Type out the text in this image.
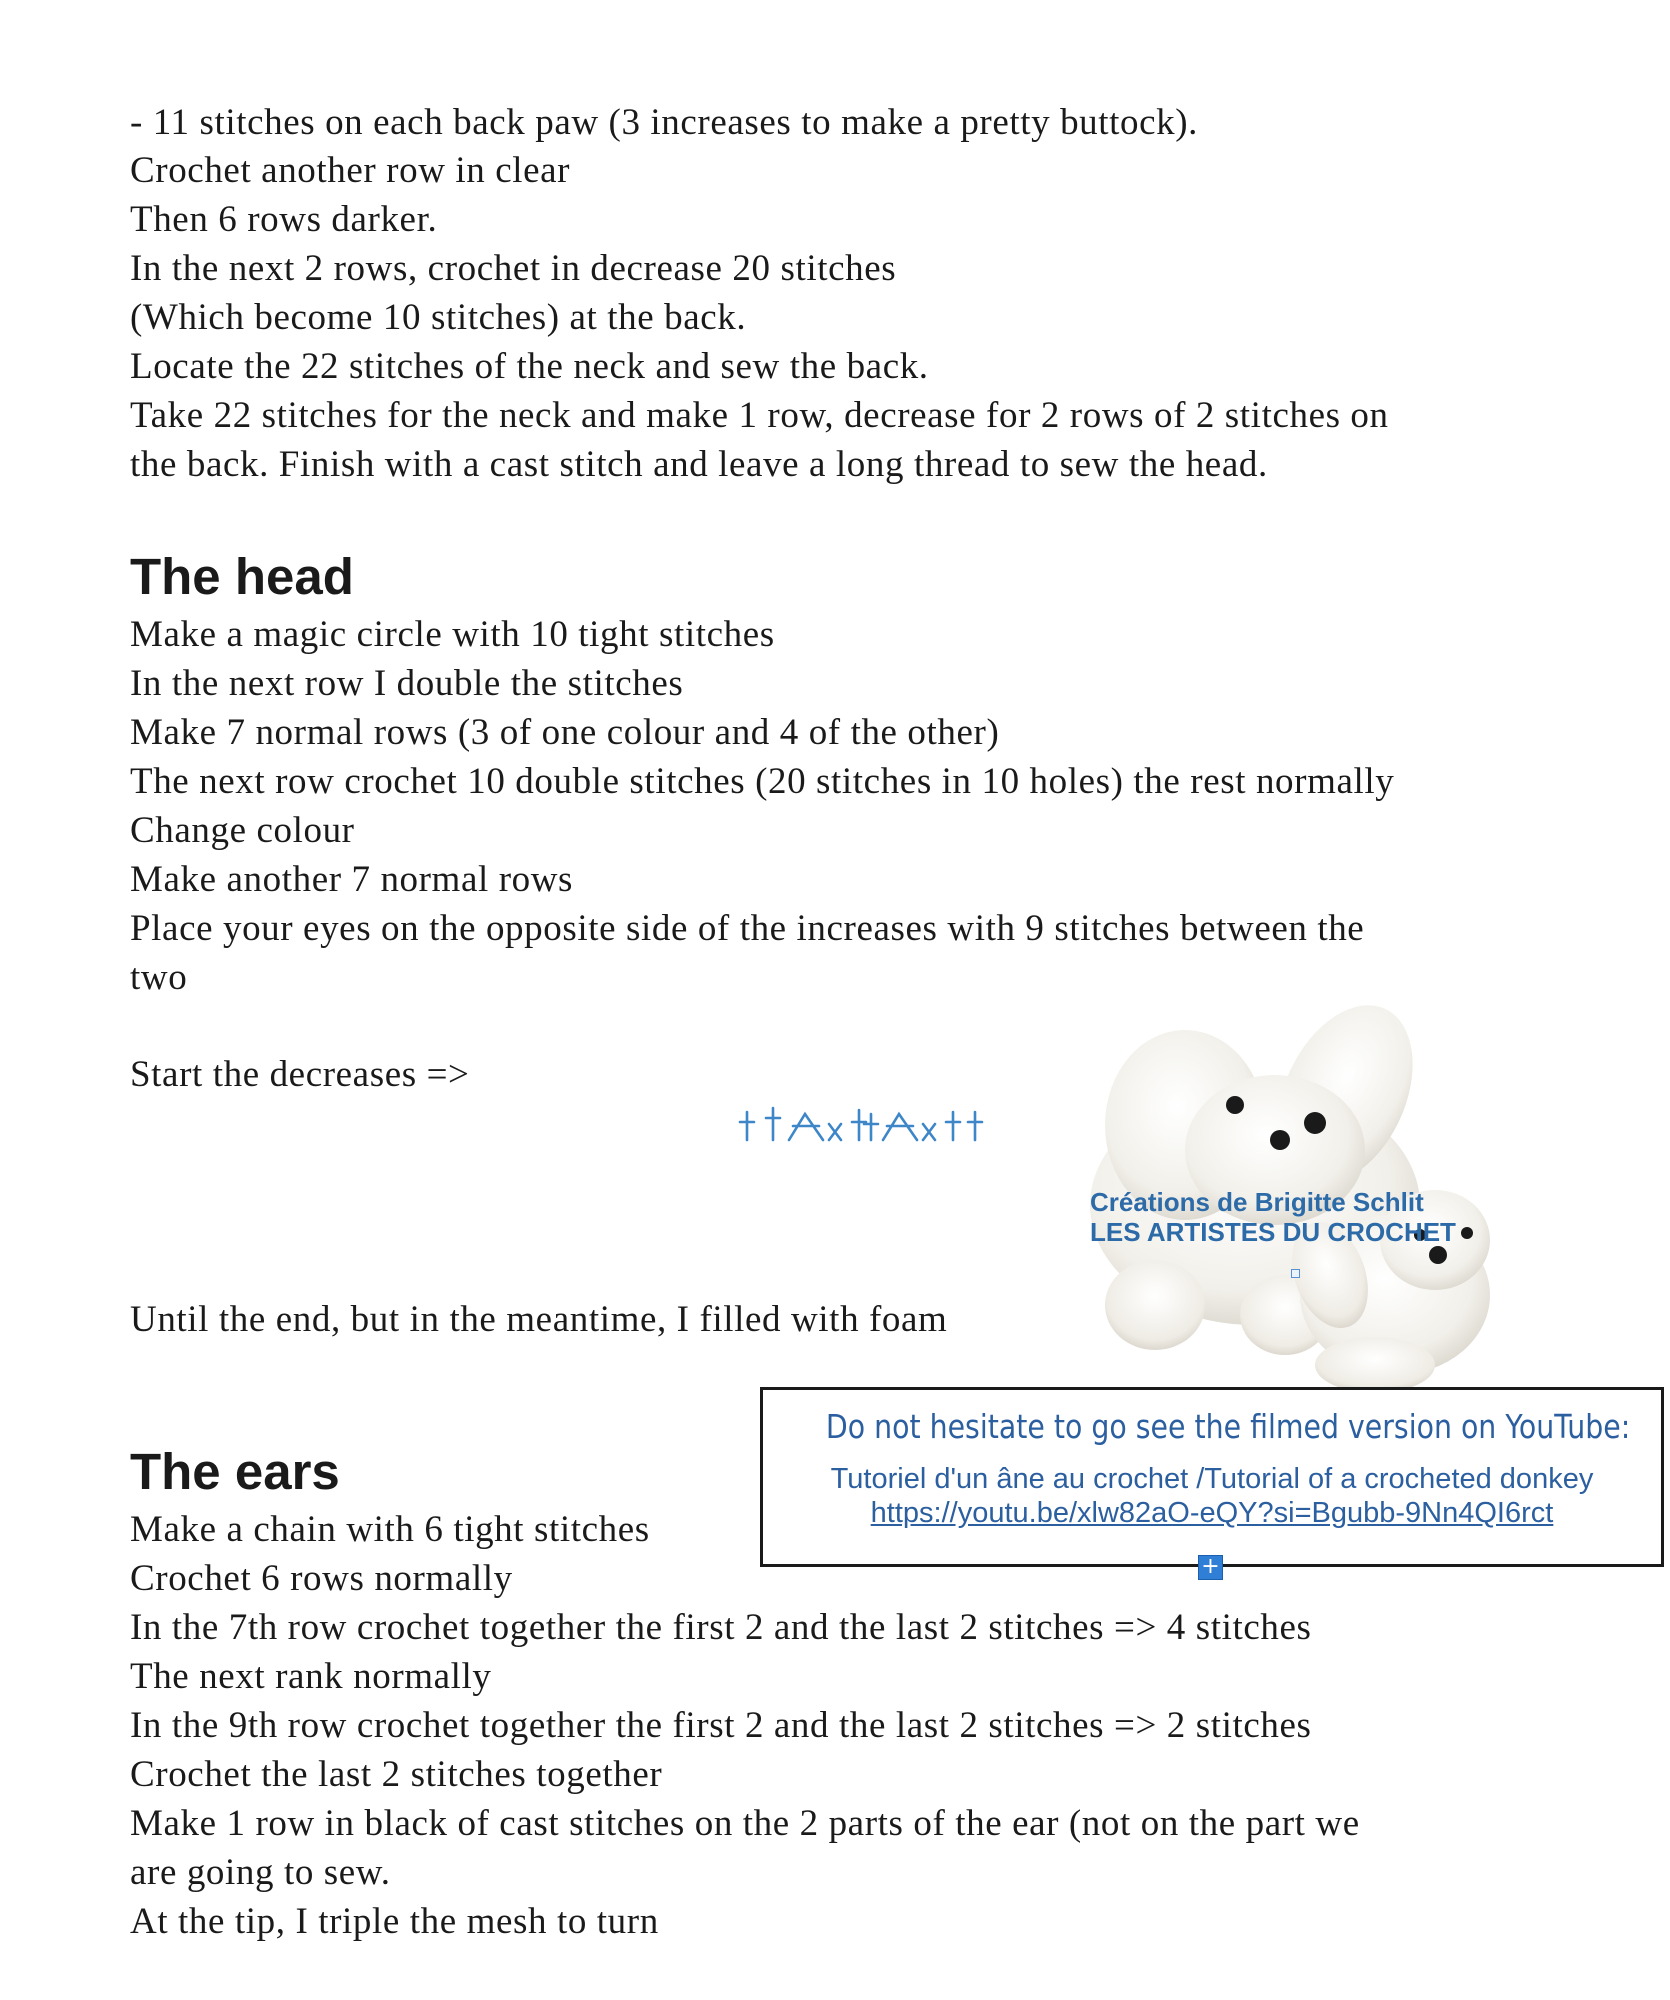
- 11 stitches on each back paw (3 increases to make a pretty buttock).
Crochet another row in clear
Then 6 rows darker.
In the next 2 rows, crochet in decrease 20 stitches
(Which become 10 stitches) at the back.
Locate the 22 stitches of the neck and sew the back.
Take 22 stitches for the neck and make 1 row, decrease for 2 rows of 2 stitches on
the back. Finish with a cast stitch and leave a long thread to sew the head.
The head
Make a magic circle with 10 tight stitches
In the next row I double the stitches
Make 7 normal rows (3 of one colour and 4 of the other)
The next row crochet 10 double stitches (20 stitches in 10 holes) the rest normally
Change colour
Make another 7 normal rows
Place your eyes on the opposite side of the increases with 9 stitches between the
two
Start the decreases =>
Until the end, but in the meantime, I filled with foam
Créations de Brigitte Schlit
LES ARTISTES DU CROCHET
Do not hesitate to go see the filmed version on YouTube:
Tutoriel d'un âne au crochet /Tutorial of a crocheted donkey
https://youtu.be/xlw82aO-eQY?si=Bgubb-9Nn4QI6rct
+
The ears
Make a chain with 6 tight stitches
Crochet 6 rows normally
In the 7th row crochet together the first 2 and the last 2 stitches => 4 stitches
The next rank normally
In the 9th row crochet together the first 2 and the last 2 stitches => 2 stitches
Crochet the last 2 stitches together
Make 1 row in black of cast stitches on the 2 parts of the ear (not on the part we
are going to sew.
At the tip, I triple the mesh to turn
